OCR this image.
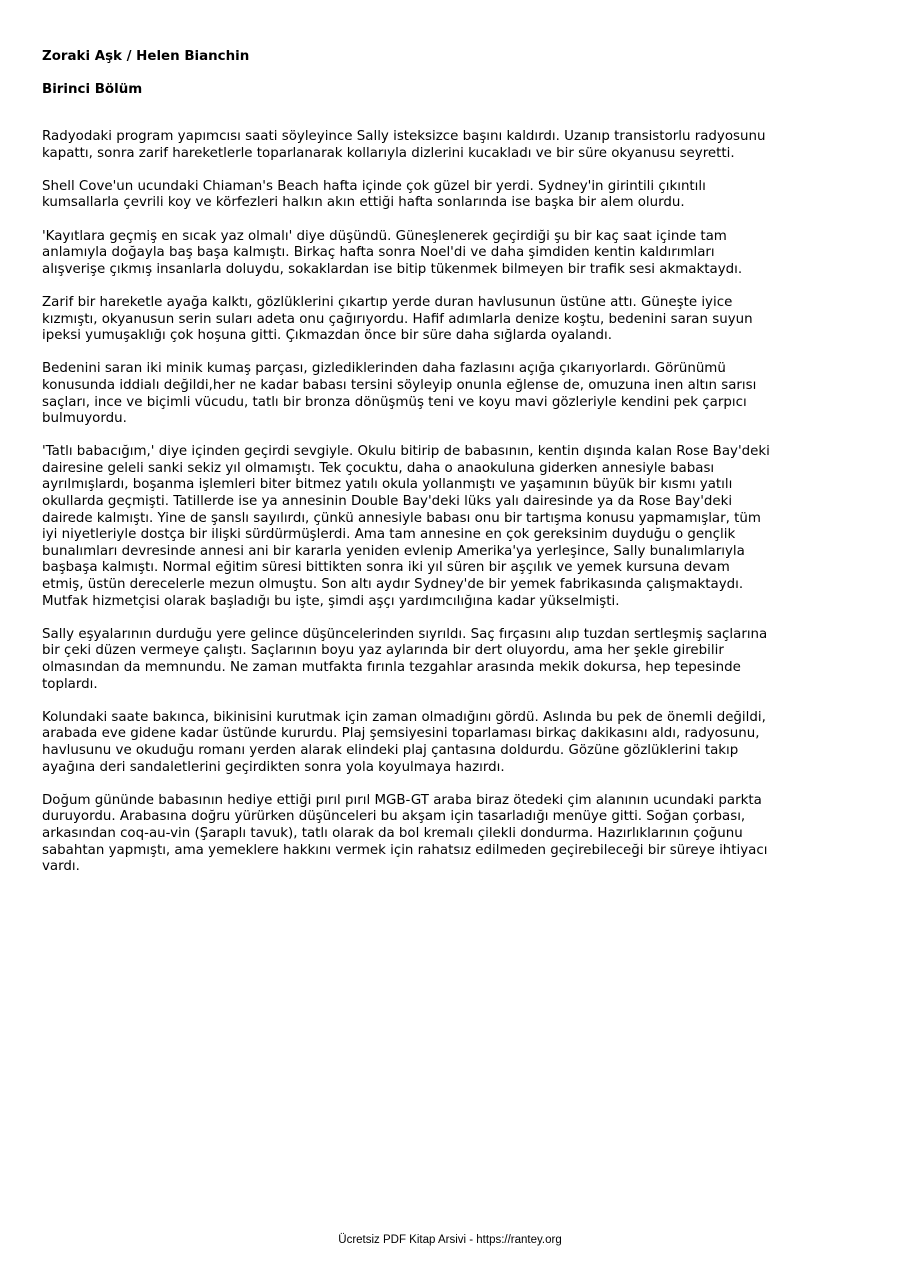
Zoraki Aşk / Helen Bianchin
Birinci Bölüm

Radyodaki program yapımcısı saati söyleyince Sally isteksizce başını kaldırdı. Uzanıp transistorlu radyosunu kapattı, sonra zarif hareketlerle toparlanarak kollarıyla dizlerini kucakladı ve bir süre okyanusu seyretti.

Shell Cove'un ucundaki Chiaman's Beach hafta içinde çok güzel bir yerdi. Sydney'in girintili çıkıntılı kumsallarla çevrili koy ve körfezleri halkın akın ettiği hafta sonlarında ise başka bir alem olurdu.

'Kayıtlara geçmiş en sıcak yaz olmalı' diye düşündü. Güneşlenerek geçirdiği şu bir kaç saat içinde tam anlamıyla doğayla baş başa kalmıştı. Birkaç hafta sonra Noel'di ve daha şimdiden kentin kaldırımları alışverişe çıkmış insanlarla doluydu, sokaklardan ise bitip tükenmek bilmeyen bir trafik sesi akmaktaydı.

Zarif bir hareketle ayağa kalktı, gözlüklerini çıkartıp yerde duran havlusunun üstüne attı. Güneşte iyice kızmıştı, okyanusun serin suları adeta onu çağırıyordu. Hafif adımlarla denize koştu, bedenini saran suyun ipeksi yumuşaklığı çok hoşuna gitti. Çıkmazdan önce bir süre daha sığlarda oyalandı.

Bedenini saran iki minik kumaş parçası, gizlediklerinden daha fazlasını açığa çıkarıyorlardı. Görünümü konusunda iddialı değildi,her ne kadar babası tersini söyleyip onunla eğlense de, omuzuna inen altın sarısı saçları, ince ve biçimli vücudu, tatlı bir bronza dönüşmüş teni ve koyu mavi gözleriyle kendini pek çarpıcı bulmuyordu.

'Tatlı babacığım,' diye içinden geçirdi sevgiyle. Okulu bitirip de babasının, kentin dışında kalan Rose Bay'deki dairesine geleli sanki sekiz yıl olmamıştı. Tek çocuktu, daha o anaokuluna giderken annesiyle babası ayrılmışlardı, boşanma işlemleri biter bitmez yatılı okula yollanmıştı ve yaşamının büyük bir kısmı yatılı okullarda geçmişti. Tatillerde ise ya annesinin Double Bay'deki lüks yalı dairesinde ya da Rose Bay'deki dairede kalmıştı. Yine de şanslı sayılırdı, çünkü annesiyle babası onu bir tartışma konusu yapmamışlar, tüm iyi niyetleriyle dostça bir ilişki sürdürmüşlerdi. Ama tam annesine en çok gereksinim duyduğu o gençlik bunalımları devresinde annesi ani bir kararla yeniden evlenip Amerika'ya yerleşince, Sally bunalımlarıyla başbaşa kalmıştı. Normal eğitim süresi bittikten sonra iki yıl süren bir aşçılık ve yemek kursuna devam etmiş, üstün derecelerle mezun olmuştu. Son altı aydır Sydney'de bir yemek fabrikasında çalışmaktaydı. Mutfak hizmetçisi olarak başladığı bu işte, şimdi aşçı yardımcılığına kadar yükselmişti.

Sally eşyalarının durduğu yere gelince düşüncelerinden sıyrıldı. Saç fırçasını alıp tuzdan sertleşmiş saçlarına bir çeki düzen vermeye çalıştı. Saçlarının boyu yaz aylarında bir dert oluyordu, ama her şekle girebilir olmasından da memnundu. Ne zaman mutfakta fırınla tezgahlar arasında mekik dokursa, hep tepesinde toplardı.

Kolundaki saate bakınca, bikinisini kurutmak için zaman olmadığını gördü. Aslında bu pek de önemli değildi, arabada eve gidene kadar üstünde kururdu. Plaj şemsiyesini toparlaması birkaç dakikasını aldı, radyosunu, havlusunu ve okuduğu romanı yerden alarak elindeki plaj çantasına doldurdu. Gözüne gözlüklerini takıp ayağına deri sandaletlerini geçirdikten sonra yola koyulmaya hazırdı.

Doğum gününde babasının hediye ettiği pırıl pırıl MGB-GT araba biraz ötedeki çim alanının ucundaki parkta duruyordu. Arabasına doğru yürürken düşünceleri bu akşam için tasarladığı menüye gitti. Soğan çorbası, arkasından coq-au-vin (Şaraplı tavuk), tatlı olarak da bol kremalı çilekli dondurma. Hazırlıklarının çoğunu sabahtan yapmıştı, ama yemeklere hakkını vermek için rahatsız edilmeden geçirebileceği bir süreye ihtiyacı vardı.

Ücretsiz PDF Kitap Arsivi - https://rantey.org
